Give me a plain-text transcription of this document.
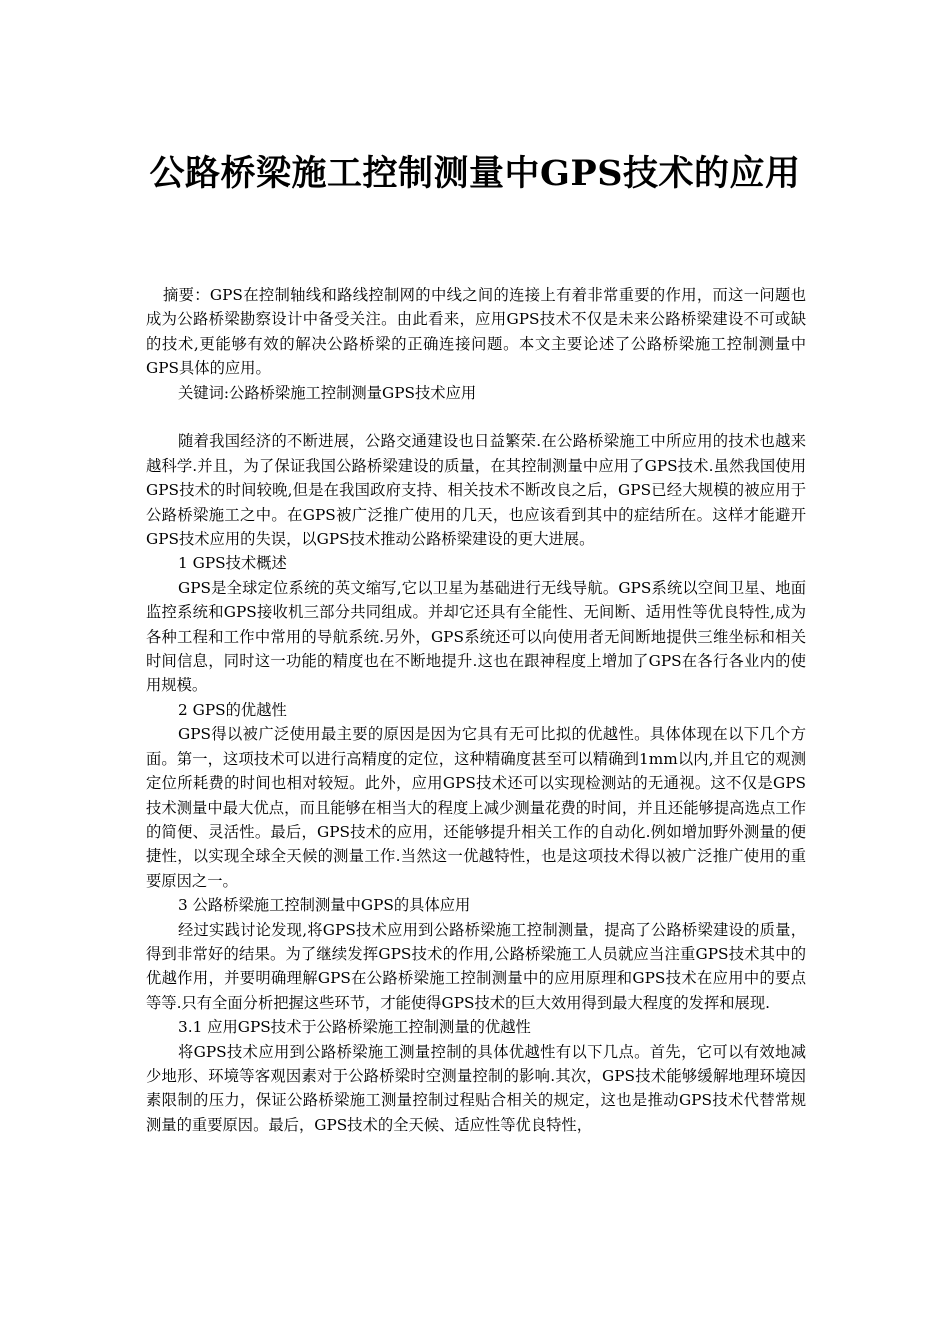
公路桥梁施工控制测量中GPS技术的应用

摘要：GPS在控制轴线和路线控制网的中线之间的连接上有着非常重要的作用，而这一问题也成为公路桥梁勘察设计中备受关注。由此看来，应用GPS技术不仅是未来公路桥梁建设不可或缺的技术,更能够有效的解决公路桥梁的正确连接问题。本文主要论述了公路桥梁施工控制测量中GPS具体的应用。

关键词:公路桥梁施工控制测量GPS技术应用

随着我国经济的不断进展，公路交通建设也日益繁荣.在公路桥梁施工中所应用的技术也越来越科学.并且，为了保证我国公路桥梁建设的质量，在其控制测量中应用了GPS技术.虽然我国使用GPS技术的时间较晚,但是在我国政府支持、相关技术不断改良之后，GPS已经大规模的被应用于公路桥梁施工之中。在GPS被广泛推广使用的几天，也应该看到其中的症结所在。这样才能避开GPS技术应用的失误，以GPS技术推动公路桥梁建设的更大进展。

1 GPS技术概述

GPS是全球定位系统的英文缩写,它以卫星为基础进行无线导航。GPS系统以空间卫星、地面监控系统和GPS接收机三部分共同组成。并却它还具有全能性、无间断、适用性等优良特性,成为各种工程和工作中常用的导航系统.另外，GPS系统还可以向使用者无间断地提供三维坐标和相关时间信息，同时这一功能的精度也在不断地提升.这也在跟神程度上增加了GPS在各行各业内的使用规模。

2 GPS的优越性

GPS得以被广泛使用最主要的原因是因为它具有无可比拟的优越性。具体体现在以下几个方面。第一，这项技术可以进行高精度的定位，这种精确度甚至可以精确到1mm以内,并且它的观测定位所耗费的时间也相对较短。此外，应用GPS技术还可以实现检测站的无通视。这不仅是GPS技术测量中最大优点，而且能够在相当大的程度上减少测量花费的时间，并且还能够提高选点工作的简便、灵活性。最后，GPS技术的应用，还能够提升相关工作的自动化.例如增加野外测量的便捷性，以实现全球全天候的测量工作.当然这一优越特性，也是这项技术得以被广泛推广使用的重要原因之一。

3 公路桥梁施工控制测量中GPS的具体应用

经过实践讨论发现,将GPS技术应用到公路桥梁施工控制测量，提高了公路桥梁建设的质量，得到非常好的结果。为了继续发挥GPS技术的作用,公路桥梁施工人员就应当注重GPS技术其中的优越作用，并要明确理解GPS在公路桥梁施工控制测量中的应用原理和GPS技术在应用中的要点等等.只有全面分析把握这些环节，才能使得GPS技术的巨大效用得到最大程度的发挥和展现.

3.1 应用GPS技术于公路桥梁施工控制测量的优越性

将GPS技术应用到公路桥梁施工测量控制的具体优越性有以下几点。首先，它可以有效地减少地形、环境等客观因素对于公路桥梁时空测量控制的影响.其次，GPS技术能够缓解地理环境因素限制的压力，保证公路桥梁施工测量控制过程贴合相关的规定，这也是推动GPS技术代替常规测量的重要原因。最后，GPS技术的全天候、适应性等优良特性，
